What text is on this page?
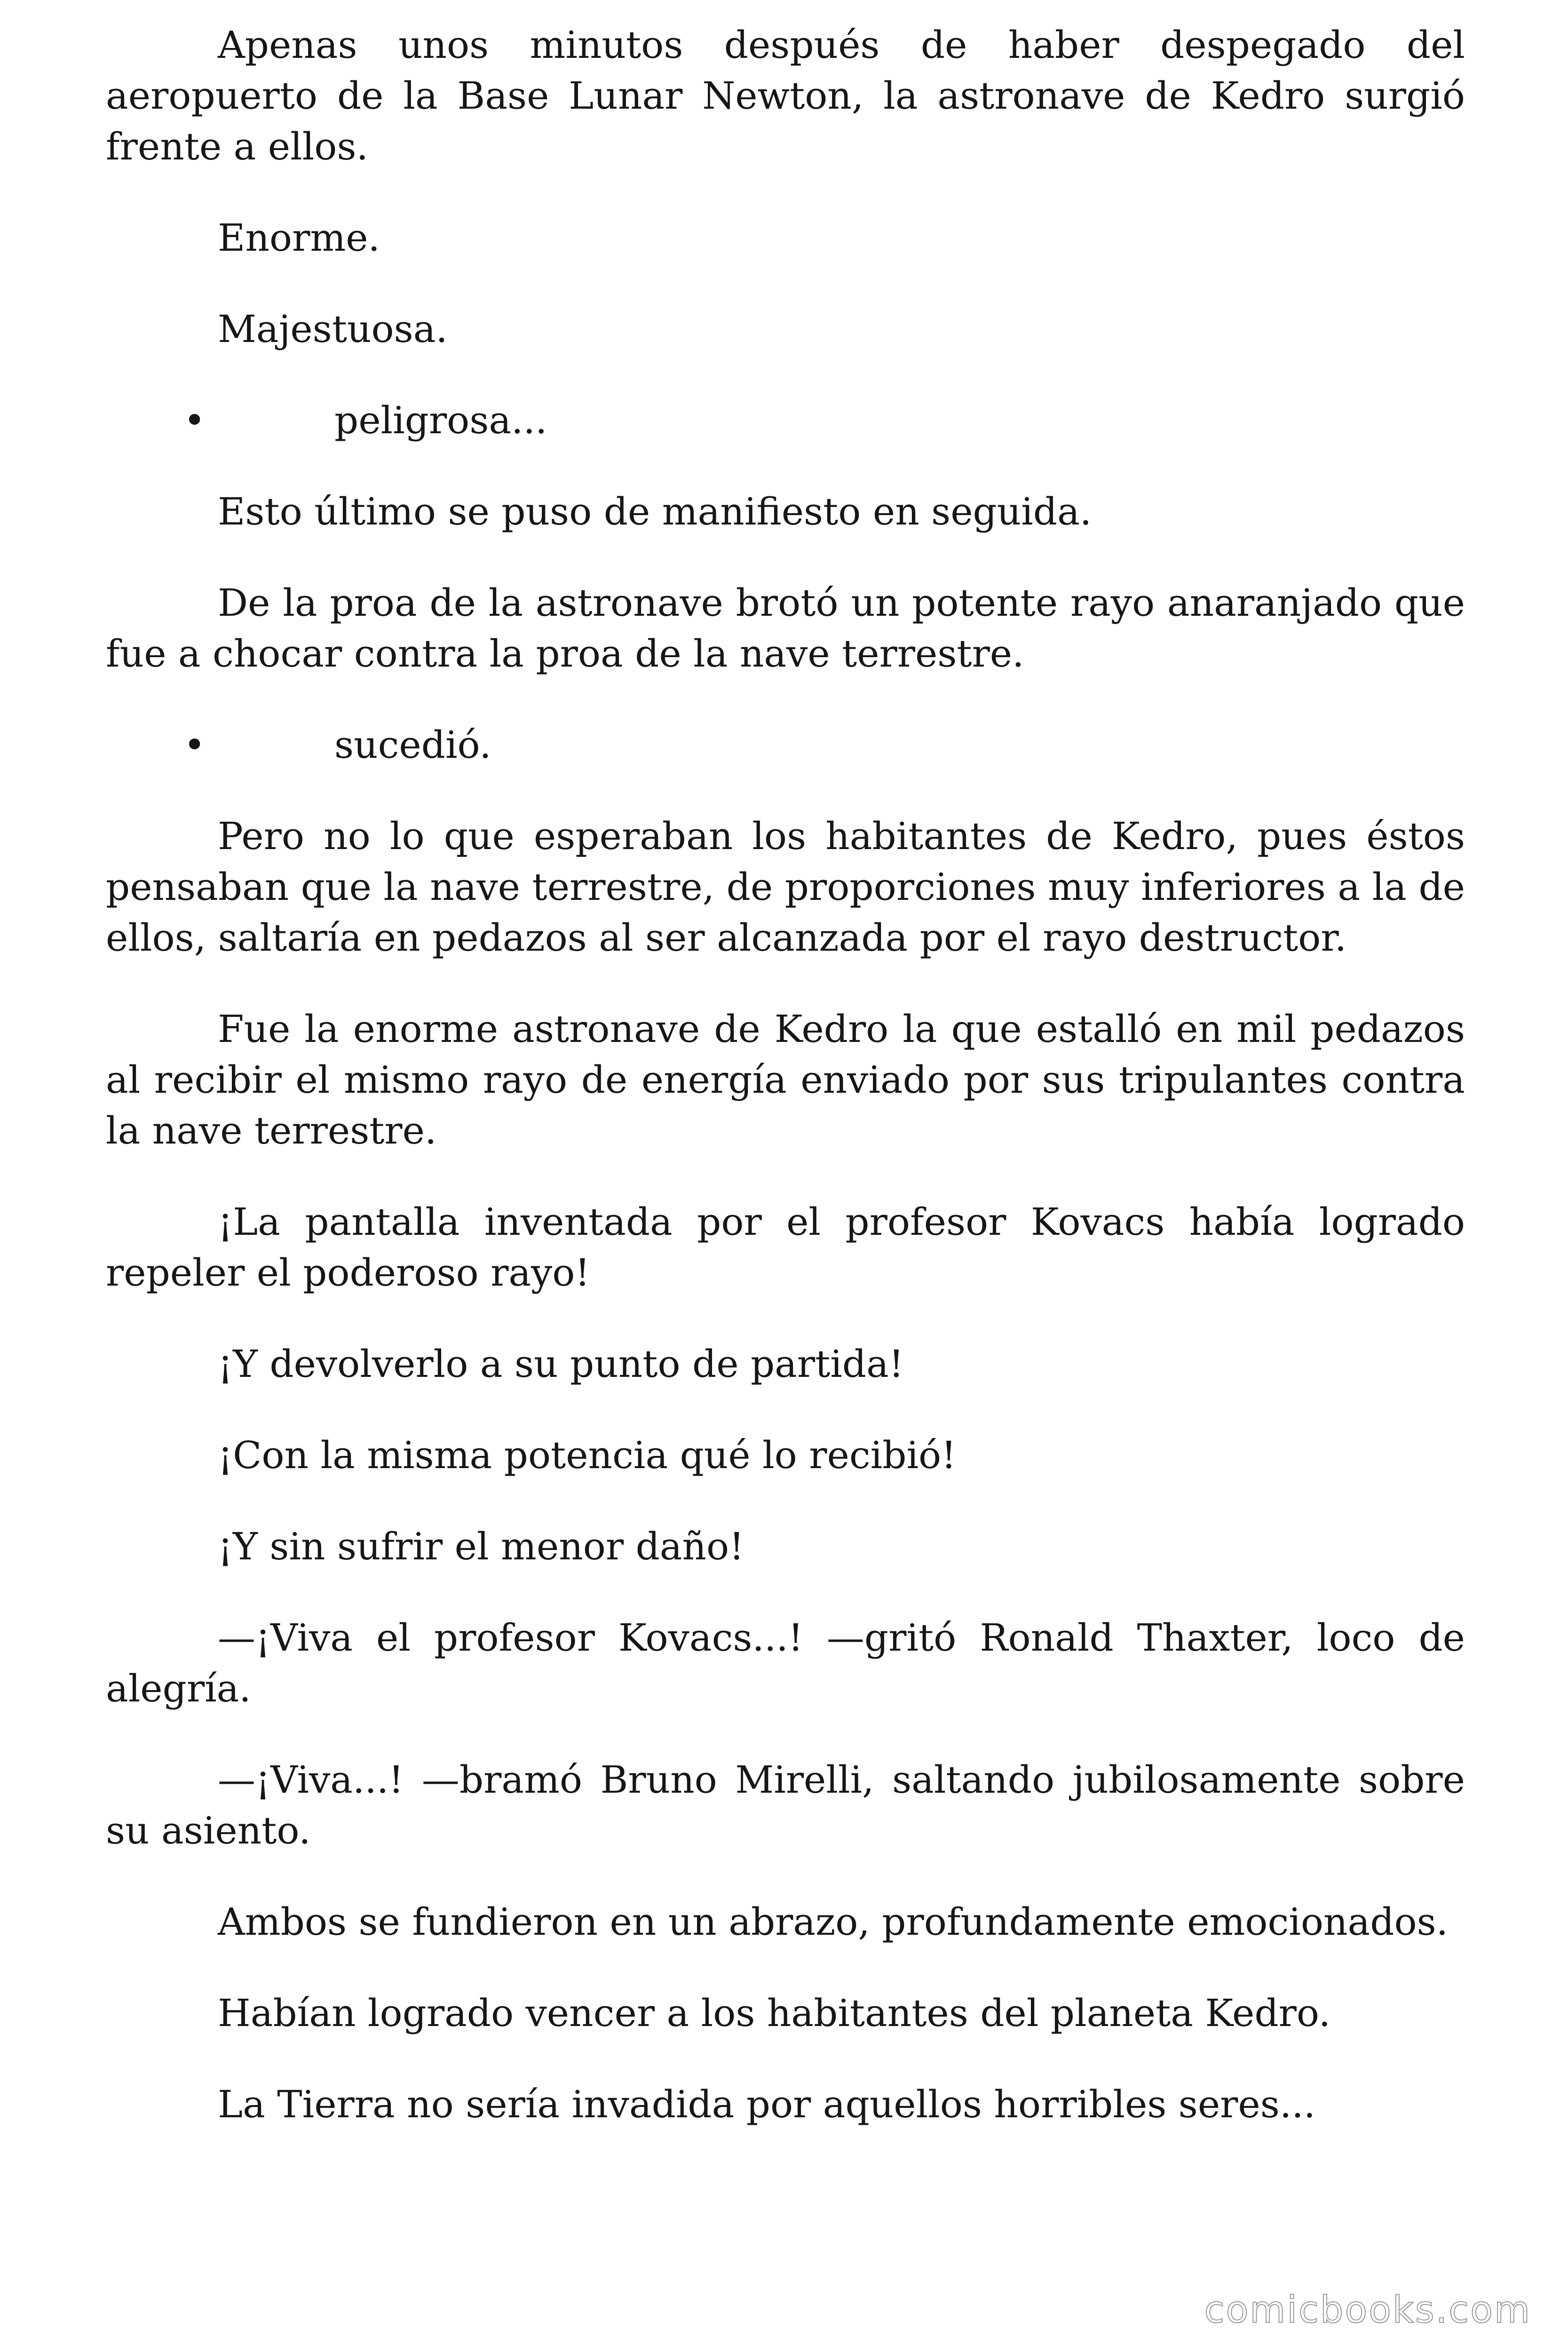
Apenas unos minutos después de haber despegado del aeropuerto de la Base Lunar Newton, la astronave de Kedro surgió frente a ellos.

Enorme.

Majestuosa.

•	peligrosa...

Esto último se puso de manifiesto en seguida.

De la proa de la astronave brotó un potente rayo anaranjado que fue a chocar contra la proa de la nave terrestre.

•	sucedió.

Pero no lo que esperaban los habitantes de Kedro, pues éstos pensaban que la nave terrestre, de proporciones muy inferiores a la de ellos, saltaría en pedazos al ser alcanzada por el rayo destructor.

Fue la enorme astronave de Kedro la que estalló en mil pedazos al recibir el mismo rayo de energía enviado por sus tripulantes contra la nave terrestre.

¡La pantalla inventada por el profesor Kovacs había logrado repeler el poderoso rayo!

¡Y devolverlo a su punto de partida!

¡Con la misma potencia qué lo recibió!

¡Y sin sufrir el menor daño!

—¡Viva el profesor Kovacs...! —gritó Ronald Thaxter, loco de alegría.

—¡Viva...! —bramó Bruno Mirelli, saltando jubilosamente sobre su asiento.

Ambos se fundieron en un abrazo, profundamente emocionados.

Habían logrado vencer a los habitantes del planeta Kedro.

La Tierra no sería invadida por aquellos horribles seres...

comicbooks.com
